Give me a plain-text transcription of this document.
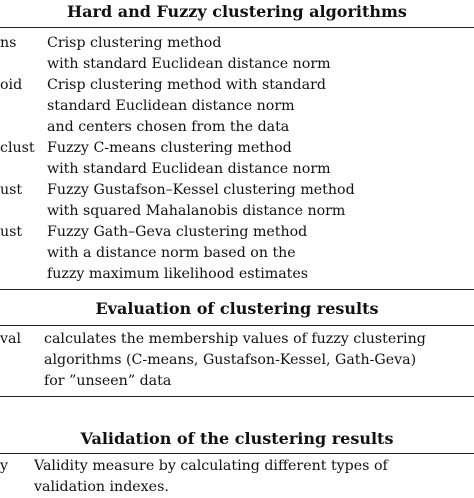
Hard and Fuzzy clustering algorithms
ns Crisp clustering method
with standard Euclidean distance norm
oid Crisp clustering method with standard
standard Euclidean distance norm
and centers chosen from the data
clust Fuzzy C-means clustering method
with standard Euclidean distance norm
ust Fuzzy Gustafson–Kessel clustering method
with squared Mahalanobis distance norm
ust Fuzzy Gath–Geva clustering method
with a distance norm based on the
fuzzy maximum likelihood estimates
Evaluation of clustering results
val calculates the membership values of fuzzy clustering
algorithms (C-means, Gustafson-Kessel, Gath-Geva)
for ”unseen” data
Validation of the clustering results
y Validity measure by calculating different types of
validation indexes.
